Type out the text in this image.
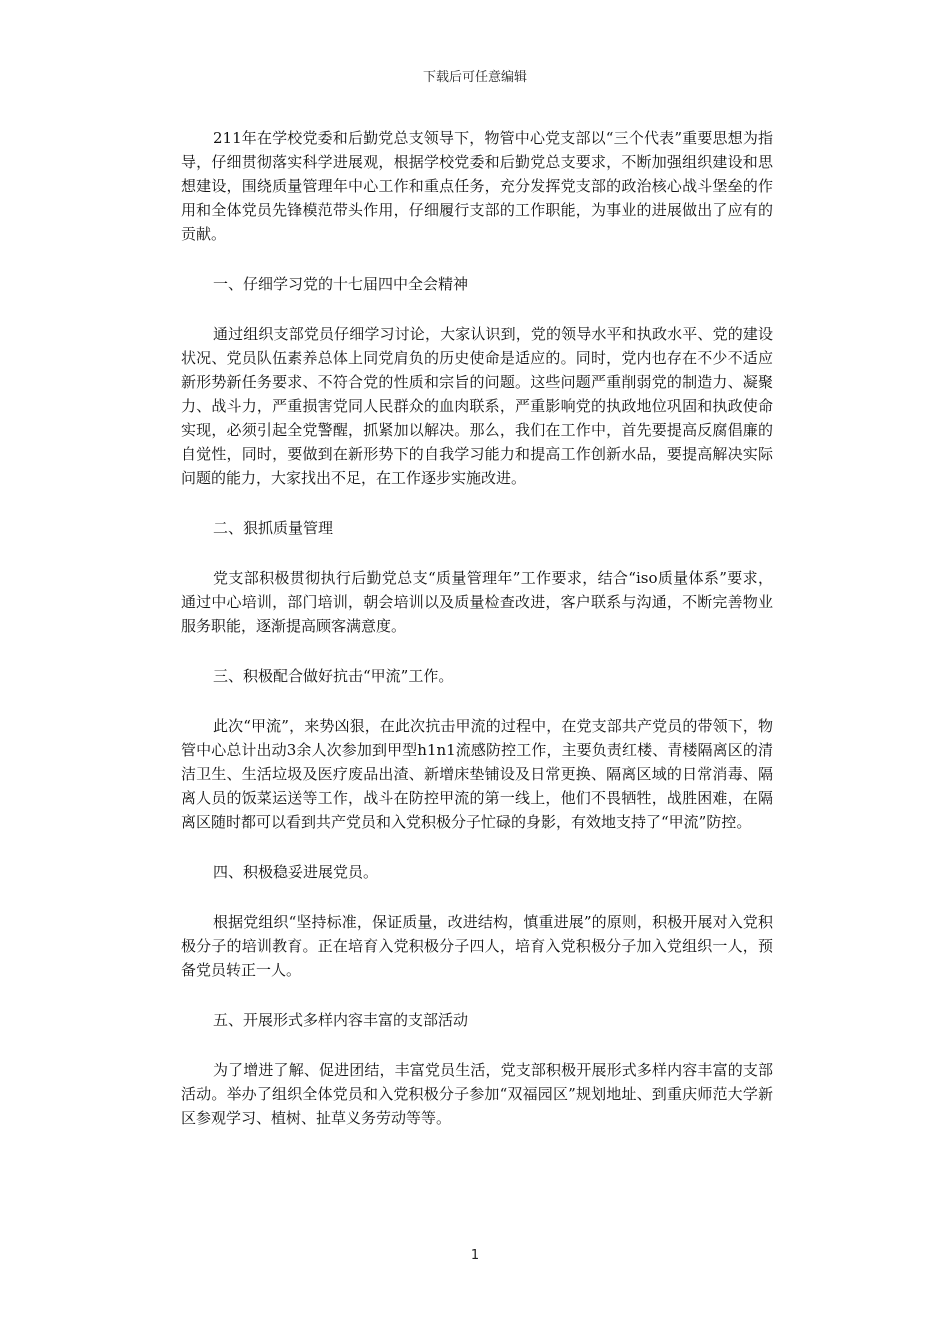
下载后可任意编辑

211年在学校党委和后勤党总支领导下，物管中心党支部以“三个代表”重要思想为指导，仔细贯彻落实科学进展观，根据学校党委和后勤党总支要求，不断加强组织建设和思想建设，围绕质量管理年中心工作和重点任务，充分发挥党支部的政治核心战斗堡垒的作用和全体党员先锋模范带头作用，仔细履行支部的工作职能，为事业的进展做出了应有的贡献。

一、仔细学习党的十七届四中全会精神

通过组织支部党员仔细学习讨论，大家认识到，党的领导水平和执政水平、党的建设状况、党员队伍素养总体上同党肩负的历史使命是适应的。同时，党内也存在不少不适应新形势新任务要求、不符合党的性质和宗旨的问题。这些问题严重削弱党的制造力、凝聚力、战斗力，严重损害党同人民群众的血肉联系，严重影响党的执政地位巩固和执政使命实现，必须引起全党警醒，抓紧加以解决。那么，我们在工作中，首先要提高反腐倡廉的自觉性，同时，要做到在新形势下的自我学习能力和提高工作创新水品，要提高解决实际问题的能力，大家找出不足，在工作逐步实施改进。

二、狠抓质量管理

党支部积极贯彻执行后勤党总支“质量管理年”工作要求，结合“iso质量体系”要求，通过中心培训，部门培训，朝会培训以及质量检查改进，客户联系与沟通，不断完善物业服务职能，逐渐提高顾客满意度。

三、积极配合做好抗击“甲流”工作。

此次“甲流”，来势凶狠，在此次抗击甲流的过程中，在党支部共产党员的带领下，物管中心总计出动3余人次参加到甲型h1n1流感防控工作，主要负责红楼、青楼隔离区的清洁卫生、生活垃圾及医疗废品出渣、新增床垫铺设及日常更换、隔离区域的日常消毒、隔离人员的饭菜运送等工作，战斗在防控甲流的第一线上，他们不畏牺牲，战胜困难，在隔离区随时都可以看到共产党员和入党积极分子忙碌的身影，有效地支持了“甲流”防控。

四、积极稳妥进展党员。

根据党组织“坚持标准，保证质量，改进结构，慎重进展”的原则，积极开展对入党积极分子的培训教育。正在培育入党积极分子四人，培育入党积极分子加入党组织一人，预备党员转正一人。

五、开展形式多样内容丰富的支部活动

为了增进了解、促进团结，丰富党员生活，党支部积极开展形式多样内容丰富的支部活动。举办了组织全体党员和入党积极分子参加“双福园区”规划地址、到重庆师范大学新区参观学习、植树、扯草义务劳动等等。

1
